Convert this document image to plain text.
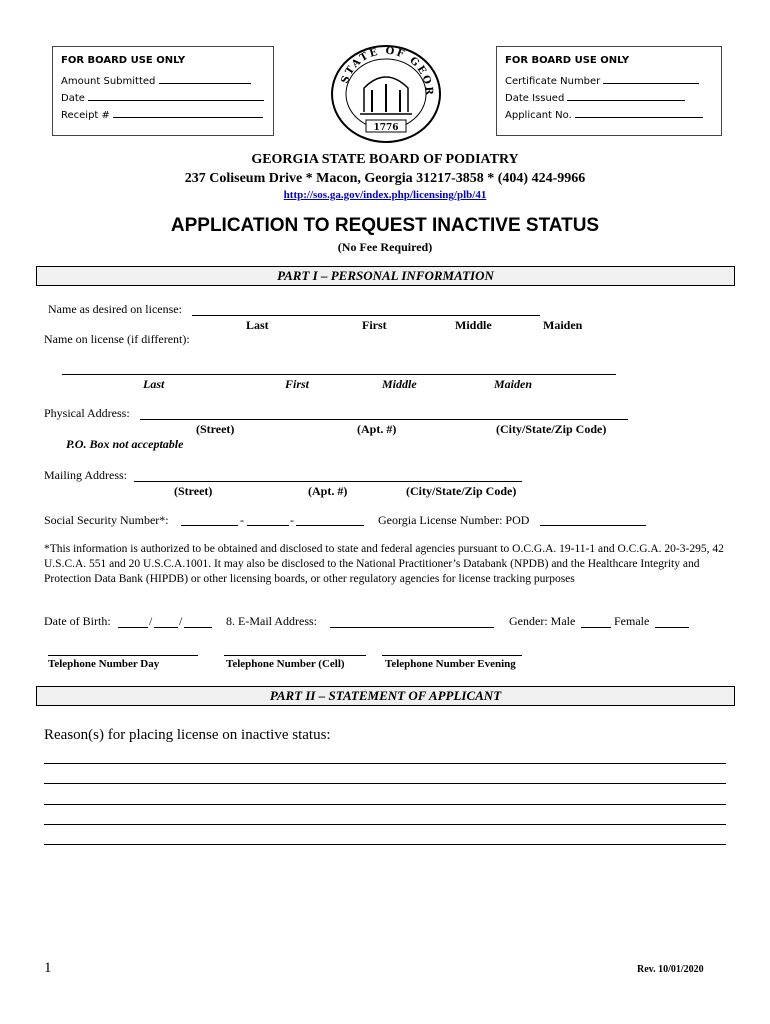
FOR BOARD USE ONLY
Amount Submitted
Date
Receipt #
STATE OF GEOR
1776
FOR BOARD USE ONLY
Certificate Number
Date Issued
Applicant No.
GEORGIA STATE BOARD OF PODIATRY
237 Coliseum Drive * Macon, Georgia 31217-3858 * (404) 424-9966
http://sos.ga.gov/index.php/licensing/plb/41
APPLICATION TO REQUEST INACTIVE STATUS
(No Fee Required)
PART I – PERSONAL INFORMATION
Name as desired on license:
Last	First	Middle	Maiden
Name on license (if different):
Last	First	Middle	Maiden
Physical Address:
(Street)	(Apt. #)	(City/State/Zip Code)
P.O. Box not acceptable
Mailing Address:
(Street)	(Apt. #)	(City/State/Zip Code)
Social Security Number*:	-	-	Georgia License Number: POD
*This information is authorized to be obtained and disclosed to state and federal agencies pursuant to O.C.G.A. 19-11-1 and O.C.G.A. 20-3-295, 42 U.S.C.A. 551 and 20 U.S.C.A.1001. It may also be disclosed to the National Practitioner’s Databank (NPDB) and the Healthcare Integrity and Protection Data Bank (HIPDB) or other licensing boards, or other regulatory agencies for license tracking purposes
Date of Birth:	/ /	8. E-Mail Address:	Gender: Male	Female
Telephone Number Day	Telephone Number (Cell)	Telephone Number Evening
PART II – STATEMENT OF APPLICANT
Reason(s) for placing license on inactive status:
1	Rev. 10/01/2020
